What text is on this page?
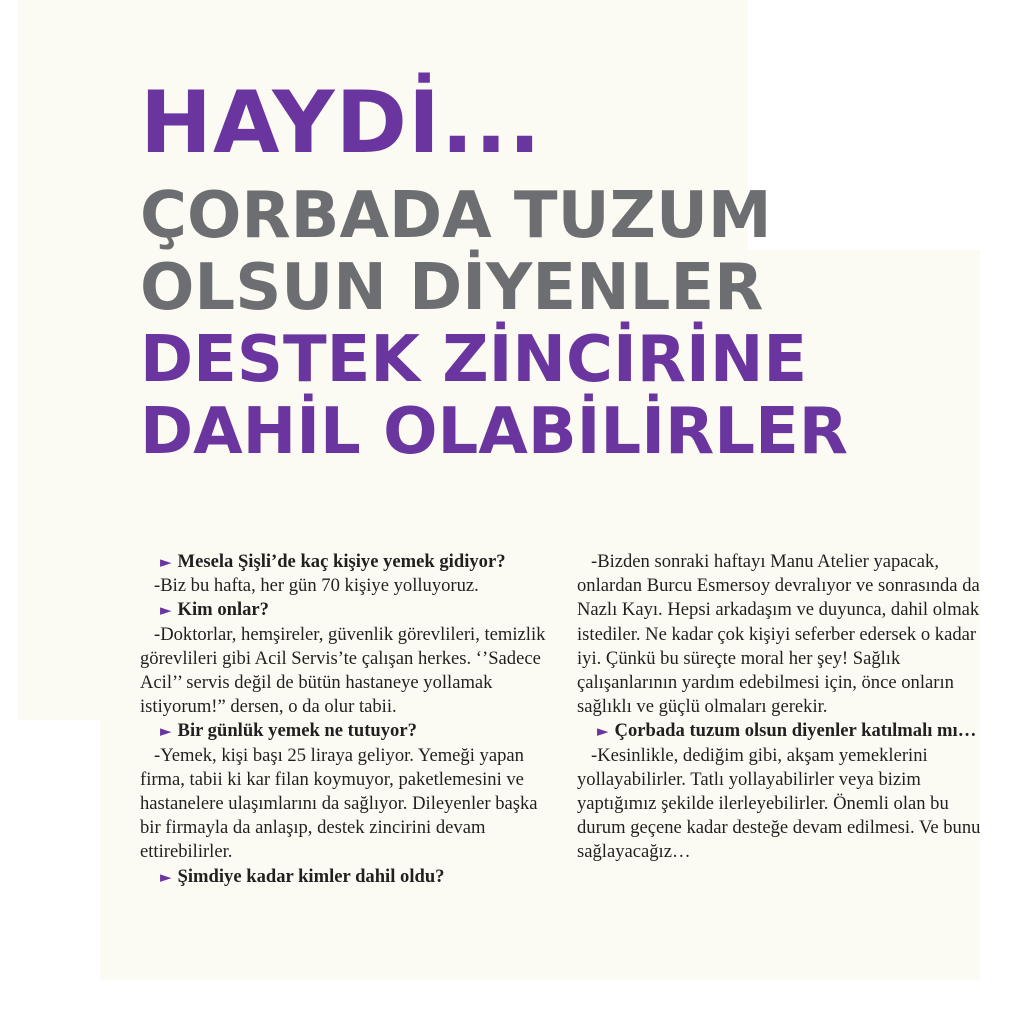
HAYDİ...
ÇORBADA TUZUM
OLSUN DİYENLER
DESTEK ZİNCİRİNE
DAHİL OLABİLİRLER

► Mesela Şişli’de kaç kişiye yemek gidiyor?

-Biz bu hafta, her gün 70 kişiye yolluyoruz.

► Kim onlar?

-Doktorlar, hemşireler, güvenlik görevlileri, temizlik görevlileri gibi Acil Servis’te çalışan herkes. ‘’Sadece Acil’’ servis değil de bütün hastaneye yollamak istiyorum!” dersen, o da olur tabii.

► Bir günlük yemek ne tutuyor?

-Yemek, kişi başı 25 liraya geliyor. Yemeği yapan firma, tabii ki kar filan koymuyor, paketlemesini ve hastanelere ulaşımlarını da sağlıyor. Dileyenler başka bir firmayla da anlaşıp, destek zincirini devam ettirebilirler.

► Şimdiye kadar kimler dahil oldu?

-Bizden sonraki haftayı Manu Atelier yapacak, onlardan Burcu Esmersoy devralıyor ve sonrasında da Nazlı Kayı. Hepsi arkadaşım ve duyunca, dahil olmak istediler. Ne kadar çok kişiyi seferber edersek o kadar iyi. Çünkü bu süreçte moral her şey! Sağlık çalışanlarının yardım edebilmesi için, önce onların sağlıklı ve güçlü olmaları gerekir.

► Çorbada tuzum olsun diyenler katılmalı mı…

-Kesinlikle, dediğim gibi, akşam yemeklerini yollayabilirler. Tatlı yollayabilirler veya bizim yaptığımız şekilde ilerleyebilirler. Önemli olan bu durum geçene kadar desteğe devam edilmesi. Ve bunu sağlayacağız…
